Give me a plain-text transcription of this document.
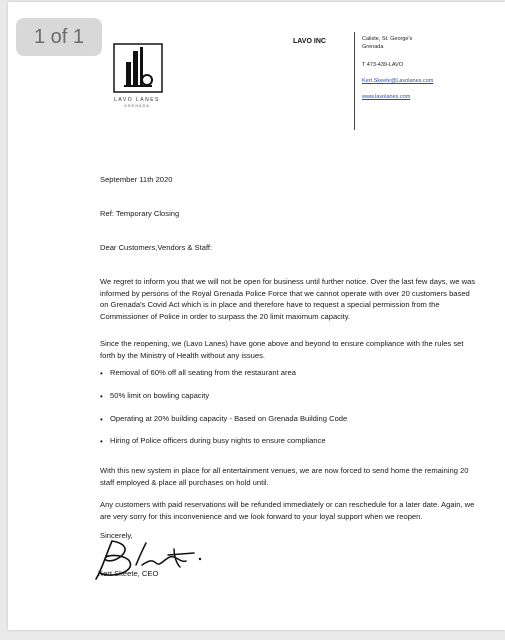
LAVO LANES
GRENADA
LAVO INC	Caliste, St. George's
Grenada
T 473-439-LAVO
Kert.Skeete@Lavolanes.com
www.lavolanes.com
September 11th 2020
Ref: Temporary Closing
Dear Customers,Vendors & Staff:
We regret to inform you that we will not be open for business until further notice. Over the last few days, we was informed by persons of the Royal Grenada Police Force that we cannot operate with over 20 customers based on Grenada's Covid Act which is in place and therefore have to request a special permission from the Commissioner of Police in order to surpass the 20 limit maximum capacity.
Since the reopening, we (Lavo Lanes) have gone above and beyond to ensure compliance with the rules set forth by the Ministry of Health without any issues.
• Removal of 60% off all seating from the restaurant area
• 50% limit on bowling capacity
• Operating at 20% building capacity - Based on Grenada Building Code
• Hiring of Police officers during busy nights to ensure compliance
With this new system in place for all entertainment venues, we are now forced to send home the remaining 20 staff employed & place all purchases on hold until.
Any customers with paid reservations will be refunded immediately or can reschedule for a later date. Again, we are very sorry for this inconvenience and we look forward to your loyal support when we reopen.
Sincerely,
Kert Skeete, CEO
1 of 1
